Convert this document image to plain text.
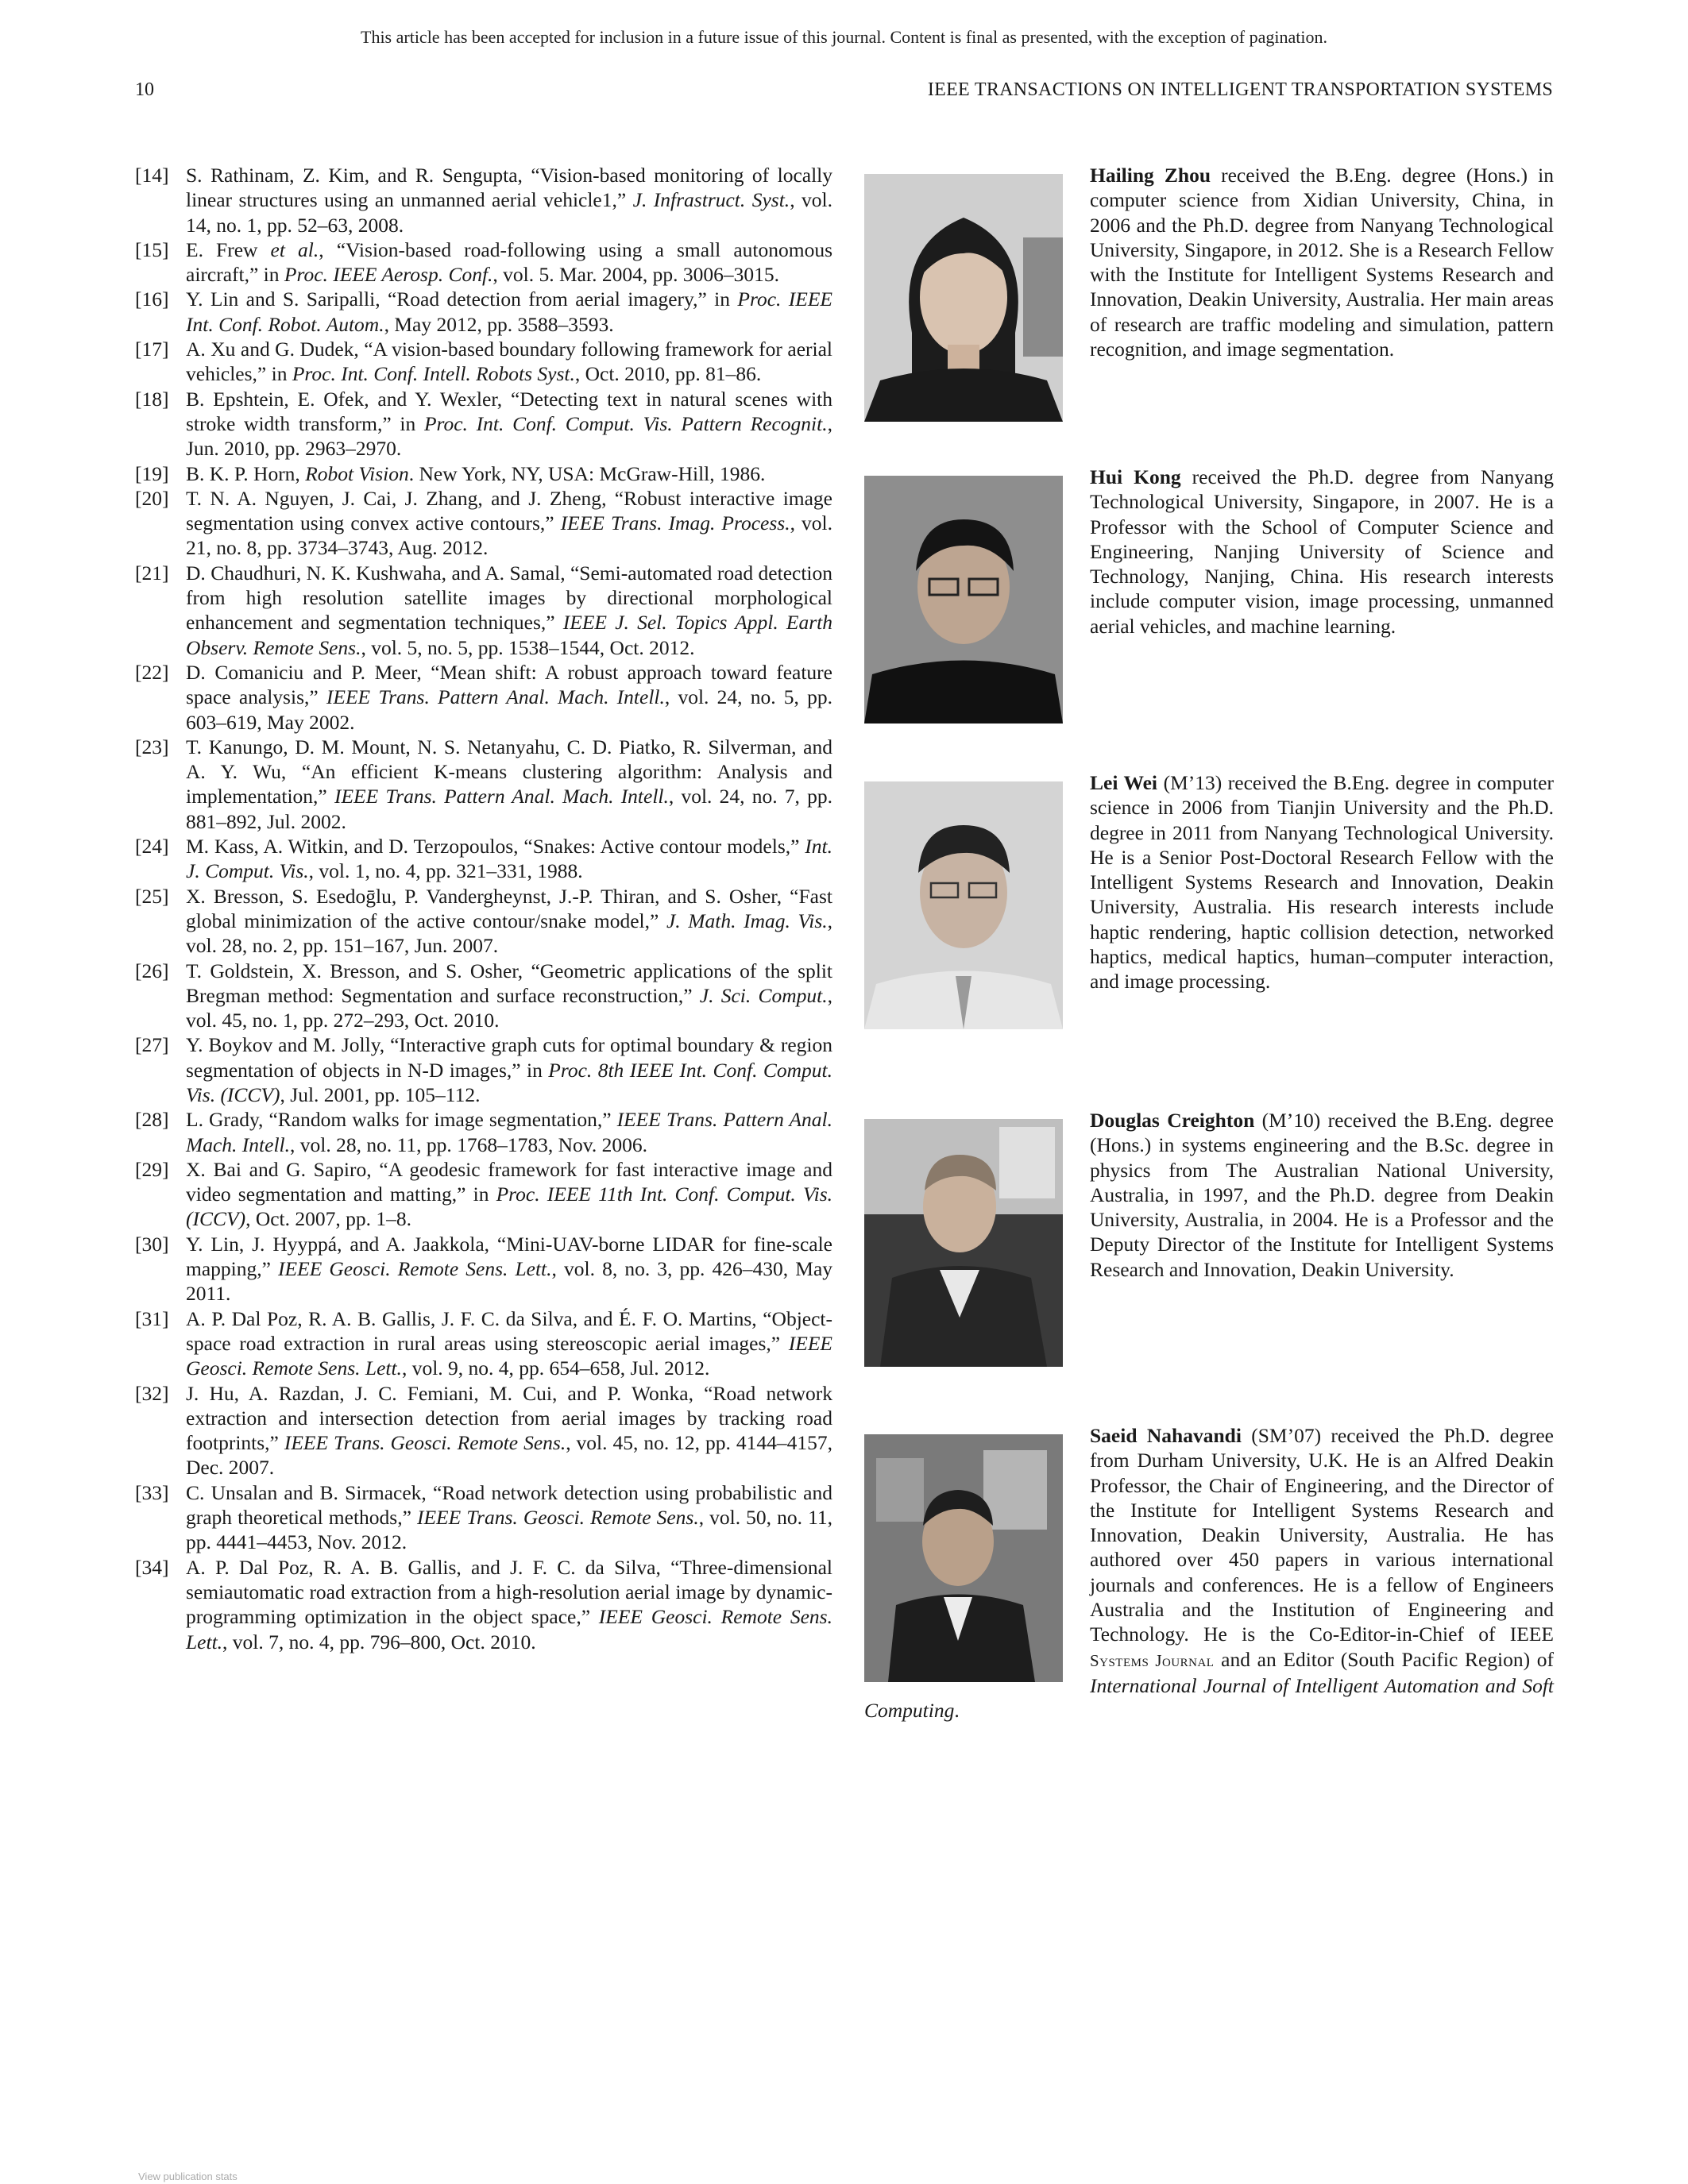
This article has been accepted for inclusion in a future issue of this journal. Content is final as presented, with the exception of pagination.
10	IEEE TRANSACTIONS ON INTELLIGENT TRANSPORTATION SYSTEMS
[14] S. Rathinam, Z. Kim, and R. Sengupta, “Vision-based monitoring of locally linear structures using an unmanned aerial vehicle1,” J. Infrastruct. Syst., vol. 14, no. 1, pp. 52–63, 2008.
[15] E. Frew et al., “Vision-based road-following using a small autonomous aircraft,” in Proc. IEEE Aerosp. Conf., vol. 5. Mar. 2004, pp. 3006–3015.
[16] Y. Lin and S. Saripalli, “Road detection from aerial imagery,” in Proc. IEEE Int. Conf. Robot. Autom., May 2012, pp. 3588–3593.
[17] A. Xu and G. Dudek, “A vision-based boundary following framework for aerial vehicles,” in Proc. Int. Conf. Intell. Robots Syst., Oct. 2010, pp. 81–86.
[18] B. Epshtein, E. Ofek, and Y. Wexler, “Detecting text in natural scenes with stroke width transform,” in Proc. Int. Conf. Comput. Vis. Pattern Recognit., Jun. 2010, pp. 2963–2970.
[19] B. K. P. Horn, Robot Vision. New York, NY, USA: McGraw-Hill, 1986.
[20] T. N. A. Nguyen, J. Cai, J. Zhang, and J. Zheng, “Robust interactive image segmentation using convex active contours,” IEEE Trans. Imag. Process., vol. 21, no. 8, pp. 3734–3743, Aug. 2012.
[21] D. Chaudhuri, N. K. Kushwaha, and A. Samal, “Semi-automated road detection from high resolution satellite images by directional morphological enhancement and segmentation techniques,” IEEE J. Sel. Topics Appl. Earth Observ. Remote Sens., vol. 5, no. 5, pp. 1538–1544, Oct. 2012.
[22] D. Comaniciu and P. Meer, “Mean shift: A robust approach toward feature space analysis,” IEEE Trans. Pattern Anal. Mach. Intell., vol. 24, no. 5, pp. 603–619, May 2002.
[23] T. Kanungo, D. M. Mount, N. S. Netanyahu, C. D. Piatko, R. Silverman, and A. Y. Wu, “An efficient K-means clustering algorithm: Analysis and implementation,” IEEE Trans. Pattern Anal. Mach. Intell., vol. 24, no. 7, pp. 881–892, Jul. 2002.
[24] M. Kass, A. Witkin, and D. Terzopoulos, “Snakes: Active contour models,” Int. J. Comput. Vis., vol. 1, no. 4, pp. 321–331, 1988.
[25] X. Bresson, S. Esedoḡlu, P. Vandergheynst, J.-P. Thiran, and S. Osher, “Fast global minimization of the active contour/snake model,” J. Math. Imag. Vis., vol. 28, no. 2, pp. 151–167, Jun. 2007.
[26] T. Goldstein, X. Bresson, and S. Osher, “Geometric applications of the split Bregman method: Segmentation and surface reconstruction,” J. Sci. Comput., vol. 45, no. 1, pp. 272–293, Oct. 2010.
[27] Y. Boykov and M. Jolly, “Interactive graph cuts for optimal boundary & region segmentation of objects in N-D images,” in Proc. 8th IEEE Int. Conf. Comput. Vis. (ICCV), Jul. 2001, pp. 105–112.
[28] L. Grady, “Random walks for image segmentation,” IEEE Trans. Pattern Anal. Mach. Intell., vol. 28, no. 11, pp. 1768–1783, Nov. 2006.
[29] X. Bai and G. Sapiro, “A geodesic framework for fast interactive image and video segmentation and matting,” in Proc. IEEE 11th Int. Conf. Comput. Vis. (ICCV), Oct. 2007, pp. 1–8.
[30] Y. Lin, J. Hyyppá, and A. Jaakkola, “Mini-UAV-borne LIDAR for fine-scale mapping,” IEEE Geosci. Remote Sens. Lett., vol. 8, no. 3, pp. 426–430, May 2011.
[31] A. P. Dal Poz, R. A. B. Gallis, J. F. C. da Silva, and É. F. O. Martins, “Object-space road extraction in rural areas using stereoscopic aerial images,” IEEE Geosci. Remote Sens. Lett., vol. 9, no. 4, pp. 654–658, Jul. 2012.
[32] J. Hu, A. Razdan, J. C. Femiani, M. Cui, and P. Wonka, “Road network extraction and intersection detection from aerial images by tracking road footprints,” IEEE Trans. Geosci. Remote Sens., vol. 45, no. 12, pp. 4144–4157, Dec. 2007.
[33] C. Unsalan and B. Sirmacek, “Road network detection using probabilistic and graph theoretical methods,” IEEE Trans. Geosci. Remote Sens., vol. 50, no. 11, pp. 4441–4453, Nov. 2012.
[34] A. P. Dal Poz, R. A. B. Gallis, and J. F. C. da Silva, “Three-dimensional semiautomatic road extraction from a high-resolution aerial image by dynamic-programming optimization in the object space,” IEEE Geosci. Remote Sens. Lett., vol. 7, no. 4, pp. 796–800, Oct. 2010.
Hailing Zhou received the B.Eng. degree (Hons.) in computer science from Xidian University, China, in 2006 and the Ph.D. degree from Nanyang Technological University, Singapore, in 2012. She is a Research Fellow with the Institute for Intelligent Systems Research and Innovation, Deakin University, Australia. Her main areas of research are traffic modeling and simulation, pattern recognition, and image segmentation.
Hui Kong received the Ph.D. degree from Nanyang Technological University, Singapore, in 2007. He is a Professor with the School of Computer Science and Engineering, Nanjing University of Science and Technology, Nanjing, China. His research interests include computer vision, image processing, unmanned aerial vehicles, and machine learning.
Lei Wei (M’13) received the B.Eng. degree in computer science in 2006 from Tianjin University and the Ph.D. degree in 2011 from Nanyang Technological University. He is a Senior Post-Doctoral Research Fellow with the Intelligent Systems Research and Innovation, Deakin University, Australia. His research interests include haptic rendering, haptic collision detection, networked haptics, medical haptics, human–computer interaction, and image processing.
Douglas Creighton (M’10) received the B.Eng. degree (Hons.) in systems engineering and the B.Sc. degree in physics from The Australian National University, Australia, in 1997, and the Ph.D. degree from Deakin University, Australia, in 2004. He is a Professor and the Deputy Director of the Institute for Intelligent Systems Research and Innovation, Deakin University.
Saeid Nahavandi (SM’07) received the Ph.D. degree from Durham University, U.K. He is an Alfred Deakin Professor, the Chair of Engineering, and the Director of the Institute for Intelligent Systems Research and Innovation, Deakin University, Australia. He has authored over 450 papers in various international journals and conferences. He is a fellow of Engineers Australia and the Institution of Engineering and Technology. He is the Co-Editor-in-Chief of IEEE Systems Journal and an Editor (South Pacific Region) of International Journal of Intelligent Automation and Soft Computing.
View publication stats
